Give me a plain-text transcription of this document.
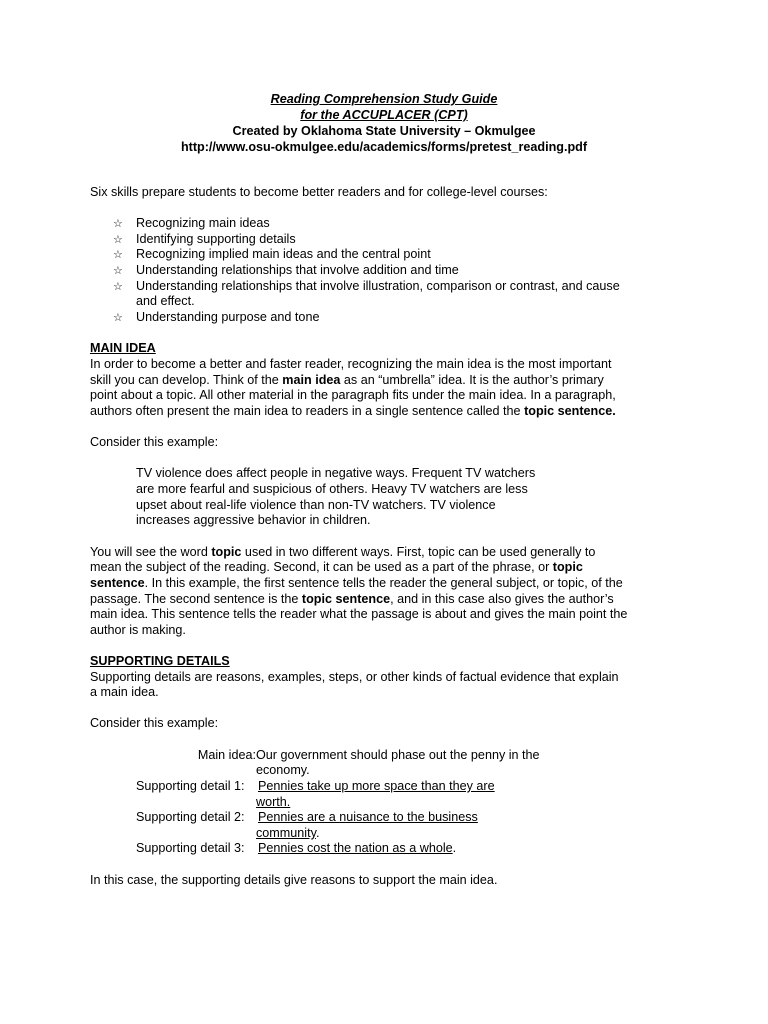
Reading Comprehension Study Guide
for the ACCUPLACER (CPT)
Created by Oklahoma State University – Okmulgee
http://www.osu-okmulgee.edu/academics/forms/pretest_reading.pdf
Six skills prepare students to become better readers and for college-level courses:
☆ Recognizing main ideas
☆ Identifying supporting details
☆ Recognizing implied main ideas and the central point
☆ Understanding relationships that involve addition and time
☆ Understanding relationships that involve illustration, comparison or contrast, and cause
and effect.
☆ Understanding purpose and tone
MAIN IDEA
In order to become a better and faster reader, recognizing the main idea is the most important
skill you can develop. Think of the main idea as an “umbrella” idea. It is the author’s primary
point about a topic. All other material in the paragraph fits under the main idea. In a paragraph,
authors often present the main idea to readers in a single sentence called the topic sentence.
Consider this example:
TV violence does affect people in negative ways. Frequent TV watchers
are more fearful and suspicious of others. Heavy TV watchers are less
upset about real-life violence than non-TV watchers. TV violence
increases aggressive behavior in children.
You will see the word topic used in two different ways. First, topic can be used generally to
mean the subject of the reading. Second, it can be used as a part of the phrase, or topic
sentence. In this example, the first sentence tells the reader the general subject, or topic, of the
passage. The second sentence is the topic sentence, and in this case also gives the author’s
main idea. This sentence tells the reader what the passage is about and gives the main point the
author is making.
SUPPORTING DETAILS
Supporting details are reasons, examples, steps, or other kinds of factual evidence that explain
a main idea.
Consider this example:
Main idea: Our government should phase out the penny in the
economy.
Supporting detail 1: Pennies take up more space than they are
worth.
Supporting detail 2: Pennies are a nuisance to the business
community.
Supporting detail 3: Pennies cost the nation as a whole.
In this case, the supporting details give reasons to support the main idea.
